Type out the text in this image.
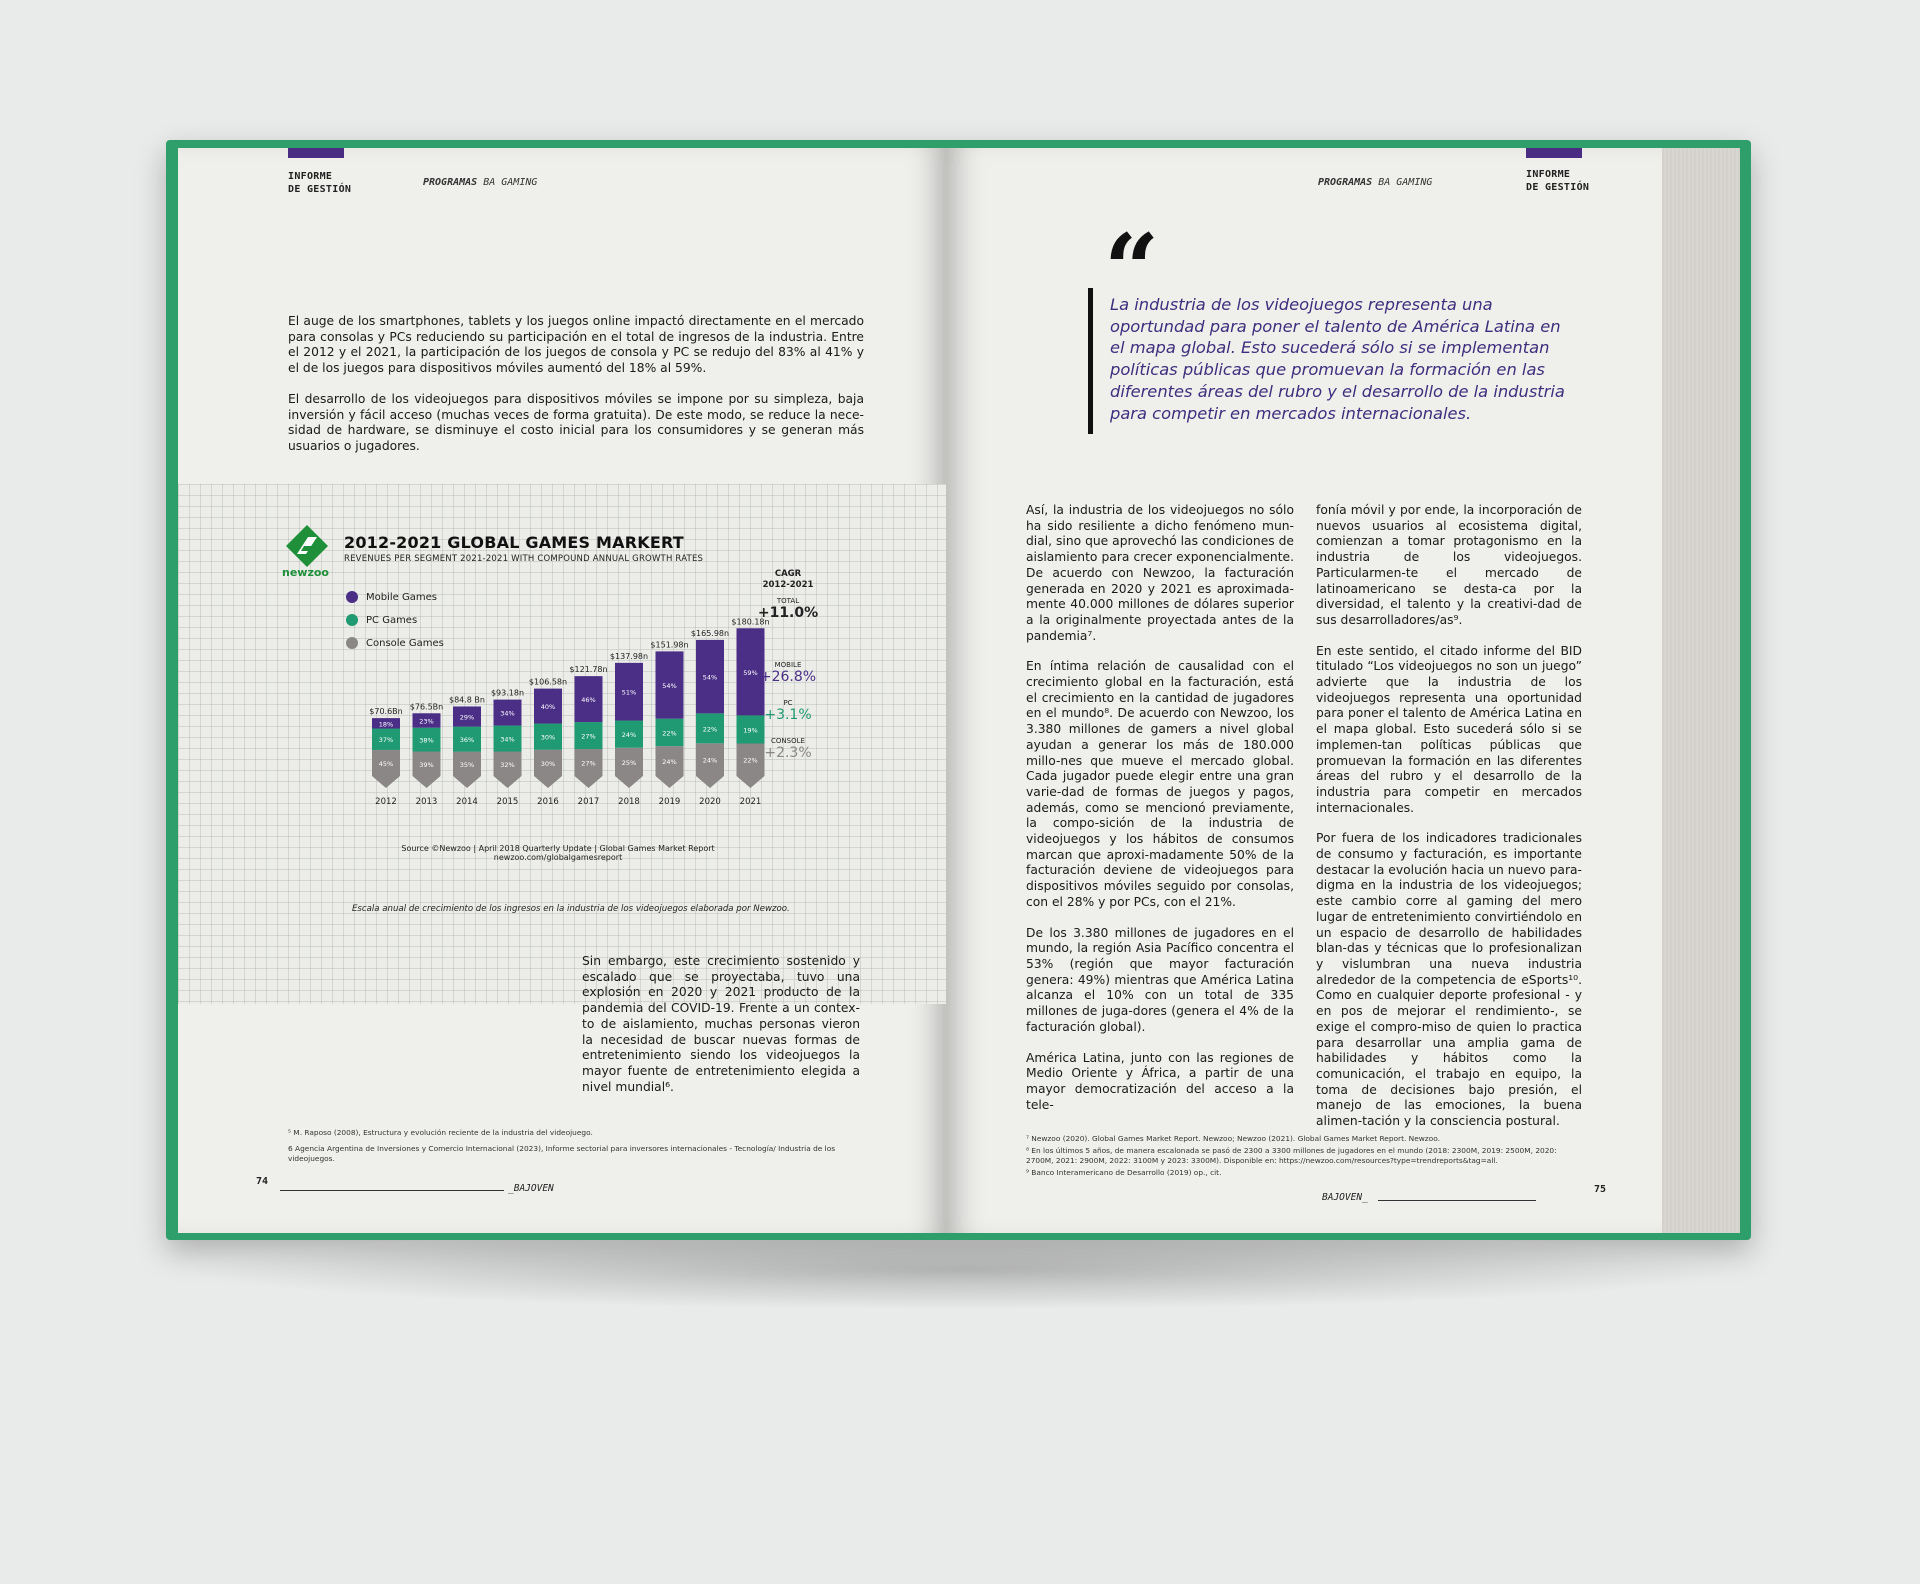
INFORME
DE GESTIÓN
PROGRAMAS BA GAMING

El auge de los smartphones, tablets y los juegos online impactó directamente en el mercado para consolas y PCs reduciendo su participación en el total de ingresos de la industria. Entre el 2012 y el 2021, la participación de los juegos de consola y PC se redujo del 83% al 41% y el de los juegos para dispositivos móviles aumentó del 18% al 59%.

El desarrollo de los videojuegos para dispositivos móviles se impone por su simpleza, baja inversión y fácil acceso (muchas veces de forma gratuita). De este modo, se reduce la nece-sidad de hardware, se disminuye el costo inicial para los consumidores y se generan más usuarios o jugadores.

newzoo
2012-2021 GLOBAL GAMES MARKERT
REVENUES PER SEGMENT 2021-2021 WITH COMPOUND ANNUAL GROWTH RATES
Mobile Games
PC Games
Console Games
45%
37%
18%
$70.6Bn
2012
39%
38%
23%
$76.5Bn
2013
35%
36%
29%
$84.8 Bn
2014
32%
34%
34%
$93.18n
2015
30%
30%
40%
$106.58n
2016
27%
27%
46%
$121.78n
2017
25%
24%
51%
$137.98n
2018
24%
22%
54%
$151.98n
2019
24%
22%
54%
$165.98n
2020
22%
19%
59%
$180.18n
2021
CAGR
2012-2021
TOTAL
+11.0%
MOBILE
+26.8%
PC
+3.1%
CONSOLE
+2.3%
Source ©Newzoo | April 2018 Quarterly Update | Global Games Market Report
newzoo.com/globalgamesreport
Escala anual de crecimiento de los ingresos en la industria de los videojuegos elaborada por Newzoo.

Sin embargo, este crecimiento sostenido y escalado que se proyectaba, tuvo una explosión en 2020 y 2021 producto de la pandemia del COVID-19. Frente a un contex-to de aislamiento, muchas personas vieron la necesidad de buscar nuevas formas de entretenimiento siendo los videojuegos la mayor fuente de entretenimiento elegida a nivel mundial⁶.

⁵ M. Raposo (2008), Estructura y evolución reciente de la industria del videojuego.
6 Agencia Argentina de Inversiones y Comercio Internacional (2023), Informe sectorial para inversores internacionales - Tecnología/ Industria de los videojuegos.
74
_BAJOVEN
PROGRAMAS BA GAMING
INFORME
DE GESTIÓN
“
La industria de los videojuegos representa una oportundad para poner el talento de América Latina en el mapa global. Esto sucederá sólo si se implementan políticas públicas que promuevan la formación en las diferentes áreas del rubro y el desarrollo de la industria para competir en mercados internacionales.

Así, la industria de los videojuegos no sólo ha sido resiliente a dicho fenómeno mun-dial, sino que aprovechó las condiciones de aislamiento para crecer exponencialmente. De acuerdo con Newzoo, la facturación generada en 2020 y 2021 es aproximada-mente 40.000 millones de dólares superior a la originalmente proyectada antes de la pandemia⁷.

En íntima relación de causalidad con el crecimiento global en la facturación, está el crecimiento en la cantidad de jugadores en el mundo⁸. De acuerdo con Newzoo, los 3.380 millones de gamers a nivel global ayudan a generar los más de 180.000 millo-nes que mueve el mercado global. Cada jugador puede elegir entre una gran varie-dad de formas de juegos y pagos, además, como se mencionó previamente, la compo-sición de la industria de videojuegos y los hábitos de consumos marcan que aproxi-madamente 50% de la facturación deviene de videojuegos para dispositivos móviles seguido por consolas, con el 28% y por PCs, con el 21%.

De los 3.380 millones de jugadores en el mundo, la región Asia Pacífico concentra el 53% (región que mayor facturación genera: 49%) mientras que América Latina alcanza el 10% con un total de 335 millones de juga-dores (genera el 4% de la facturación global).

América Latina, junto con las regiones de Medio Oriente y África, a partir de una mayor democratización del acceso a la tele-

fonía móvil y por ende, la incorporación de nuevos usuarios al ecosistema digital, comienzan a tomar protagonismo en la industria de los videojuegos. Particularmen-te el mercado de latinoamericano se desta-ca por la diversidad, el talento y la creativi-dad de sus desarrolladores/as⁹.

En este sentido, el citado informe del BID titulado “Los videojuegos no son un juego” advierte que la industria de los videojuegos representa una oportunidad para poner el talento de América Latina en el mapa global. Esto sucederá sólo si se implemen-tan políticas públicas que promuevan la formación en las diferentes áreas del rubro y el desarrollo de la industria para competir en mercados internacionales.

Por fuera de los indicadores tradicionales de consumo y facturación, es importante destacar la evolución hacia un nuevo para-digma en la industria de los videojuegos; este cambio corre al gaming del mero lugar de entretenimiento convirtiéndolo en un espacio de desarrollo de habilidades blan-das y técnicas que lo profesionalizan y vislumbran una nueva industria alrededor de la competencia de eSports¹⁰. Como en cualquier deporte profesional - y en pos de mejorar el rendimiento-, se exige el compro-miso de quien lo practica para desarrollar una amplia gama de habilidades y hábitos como la comunicación, el trabajo en equipo, la toma de decisiones bajo presión, el manejo de las emociones, la buena alimen-tación y la consciencia postural.

⁷ Newzoo (2020). Global Games Market Report. Newzoo; Newzoo (2021). Global Games Market Report. Newzoo.
⁸ En los últimos 5 años, de manera escalonada se pasó de 2300 a 3300 millones de jugadores en el mundo (2018: 2300M, 2019: 2500M, 2020: 2700M, 2021: 2900M, 2022: 3100M y 2023: 3300M). Disponible en: https://newzoo.com/resources?type=trendreports&tag=all.
⁹ Banco Interamericano de Desarrollo (2019) op., cit.
BAJOVEN_
75
